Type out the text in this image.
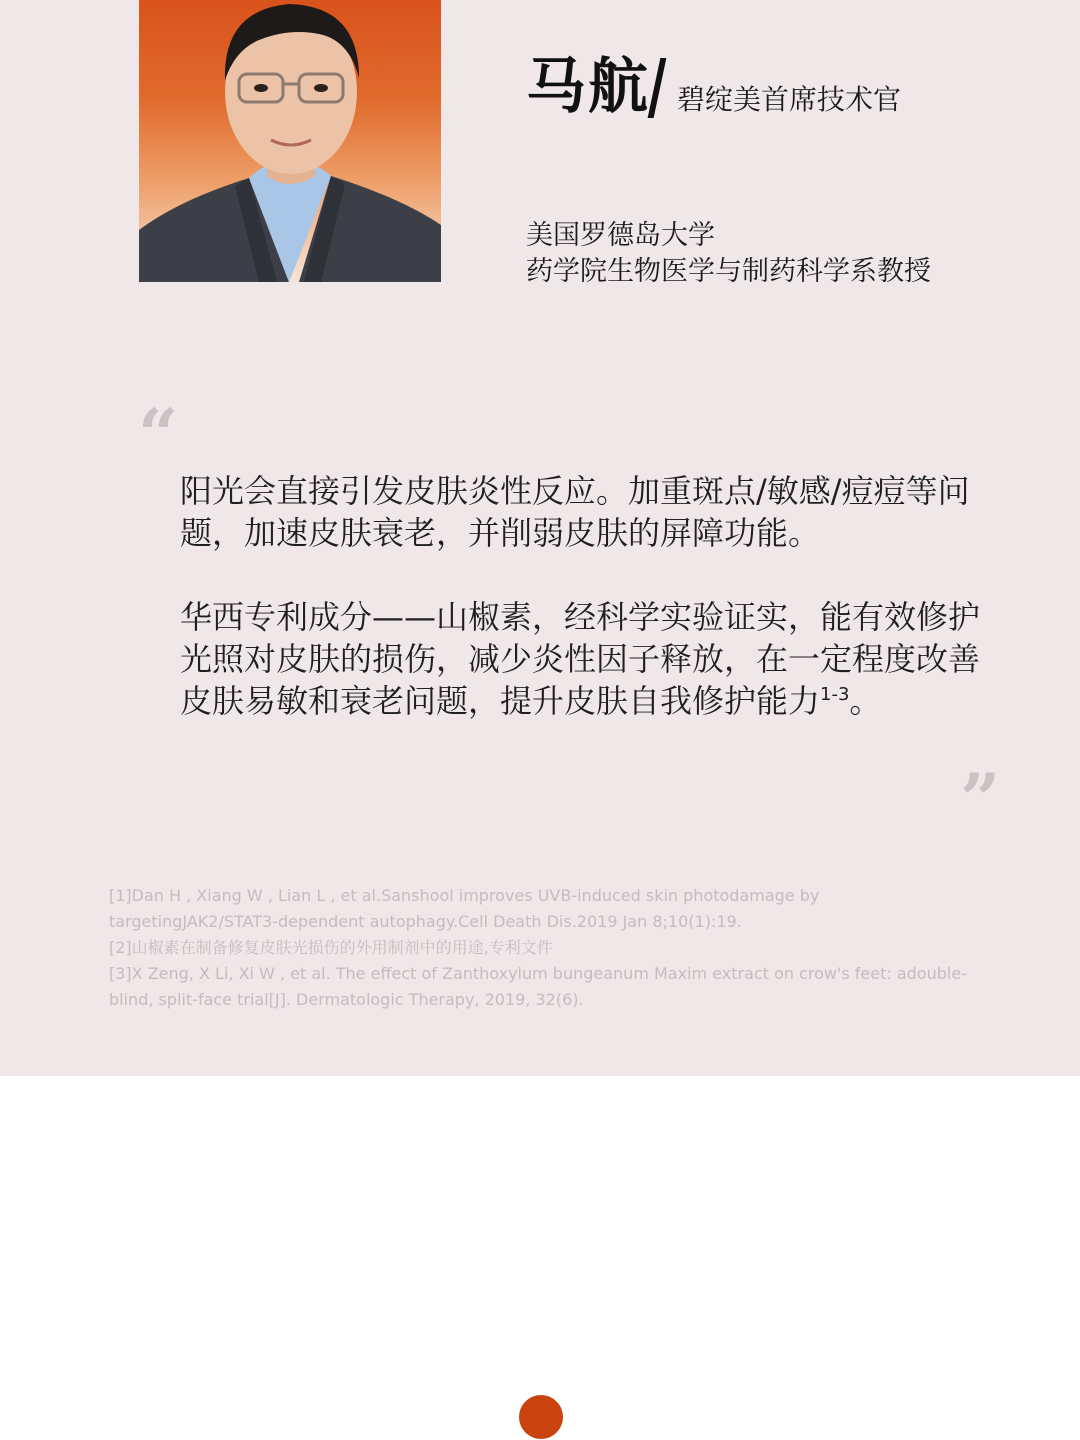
马航 碧绽美首席技术官
美国罗德岛大学
药学院生物医学与制药科学系教授
“

阳光会直接引发皮肤炎性反应。加重斑点/敏感/痘痘等问题，加速皮肤衰老，并削弱皮肤的屏障功能。

华西专利成分——山椒素，经科学实验证实，能有效修护光照对皮肤的损伤，减少炎性因子释放，在一定程度改善皮肤易敏和衰老问题，提升皮肤自我修护能力$^{1-3}$。

”

[1]Dan H , Xiang W , Lian L , et al.Sanshool improves UVB-induced skin photodamage by targetingJAK2/STAT3-dependent autophagy.Cell Death Dis.2019 Jan 8;10(1):19.

[2]山椒素在制备修复皮肤光损伤的外用制剂中的用途,专利文件

[3]X Zeng, X Li, Xi W , et al. The effect of Zanthoxylum bungeanum Maxim extract on crow's feet: adouble-blind, split-face trial[J]. Dermatologic Therapy, 2019, 32(6).
